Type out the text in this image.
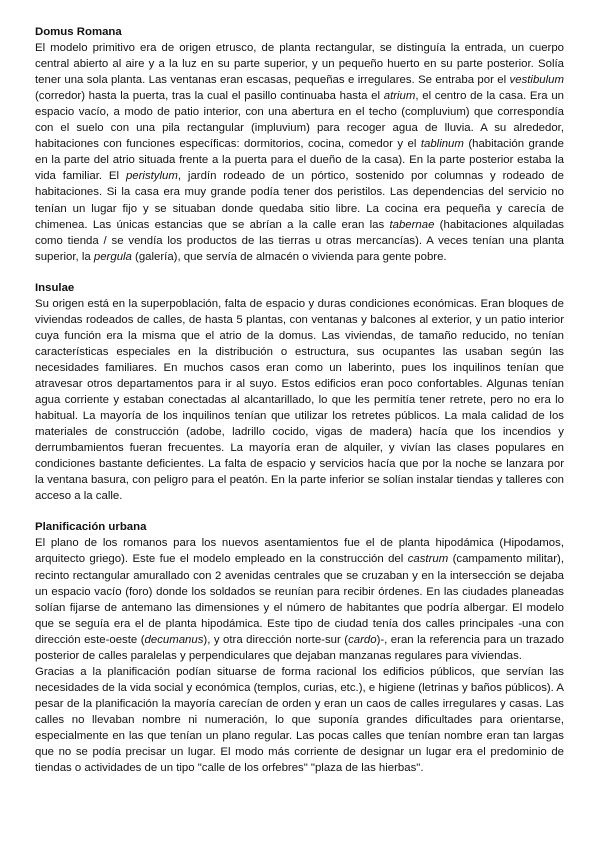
Domus Romana

El modelo primitivo era de origen etrusco, de planta rectangular, se distinguía la entrada, un cuerpo central abierto al aire y a la luz en su parte superior, y un pequeño huerto en su parte posterior. Solía tener una sola planta. Las ventanas eran escasas, pequeñas e irregulares. Se entraba por el vestibulum (corredor) hasta la puerta, tras la cual el pasillo continuaba hasta el atrium, el centro de la casa. Era un espacio vacío, a modo de patio interior, con una abertura en el techo (compluvium) que correspondía con el suelo con una pila rectangular (impluvium) para recoger agua de lluvia. A su alrededor, habitaciones con funciones específicas: dormitorios, cocina, comedor y el tablinum (habitación grande en la parte del atrio situada frente a la puerta para el dueño de la casa). En la parte posterior estaba la vida familiar. El peristylum, jardín rodeado de un pórtico, sostenido por columnas y rodeado de habitaciones. Si la casa era muy grande podía tener dos peristilos. Las dependencias del servicio no tenían un lugar fijo y se situaban donde quedaba sitio libre. La cocina era pequeña y carecía de chimenea. Las únicas estancias que se abrían a la calle eran las tabernae (habitaciones alquiladas como tienda / se vendía los productos de las tierras u otras mercancías). A veces tenían una planta superior, la pergula (galería), que servía de almacén o vivienda para gente pobre.

Insulae

Su origen está en la superpoblación, falta de espacio y duras condiciones económicas. Eran bloques de viviendas rodeados de calles, de hasta 5 plantas, con ventanas y balcones al exterior, y un patio interior cuya función era la misma que el atrio de la domus. Las viviendas, de tamaño reducido, no tenían características especiales en la distribución o estructura, sus ocupantes las usaban según las necesidades familiares. En muchos casos eran como un laberinto, pues los inquilinos tenían que atravesar otros departamentos para ir al suyo. Estos edificios eran poco confortables. Algunas tenían agua corriente y estaban conectadas al alcantarillado, lo que les permitía tener retrete, pero no era lo habitual. La mayoría de los inquilinos tenían que utilizar los retretes públicos. La mala calidad de los materiales de construcción (adobe, ladrillo cocido, vigas de madera) hacía que los incendios y derrumbamientos fueran frecuentes. La mayoría eran de alquiler, y vivían las clases populares en condiciones bastante deficientes. La falta de espacio y servicios hacía que por la noche se lanzara por la ventana basura, con peligro para el peatón. En la parte inferior se solían instalar tiendas y talleres con acceso a la calle.

Planificación urbana

El plano de los romanos para los nuevos asentamientos fue el de planta hipodámica (Hipodamos, arquitecto griego). Este fue el modelo empleado en la construcción del castrum (campamento militar), recinto rectangular amurallado con 2 avenidas centrales que se cruzaban y en la intersección se dejaba un espacio vacío (foro) donde los soldados se reunían para recibir órdenes. En las ciudades planeadas solían fijarse de antemano las dimensiones y el número de habitantes que podría albergar. El modelo que se seguía era el de planta hipodámica. Este tipo de ciudad tenía dos calles principales -una con dirección este-oeste (decumanus), y otra dirección norte-sur (cardo)-, eran la referencia para un trazado posterior de calles paralelas y perpendiculares que dejaban manzanas regulares para viviendas.

Gracias a la planificación podían situarse de forma racional los edificios públicos, que servían las necesidades de la vida social y económica (templos, curias, etc.), e higiene (letrinas y baños públicos). A pesar de la planificación la mayoría carecían de orden y eran un caos de calles irregulares y casas. Las calles no llevaban nombre ni numeración, lo que suponía grandes dificultades para orientarse, especialmente en las que tenían un plano regular. Las pocas calles que tenían nombre eran tan largas que no se podía precisar un lugar. El modo más corriente de designar un lugar era el predominio de tiendas o actividades de un tipo "calle de los orfebres" "plaza de las hierbas".
